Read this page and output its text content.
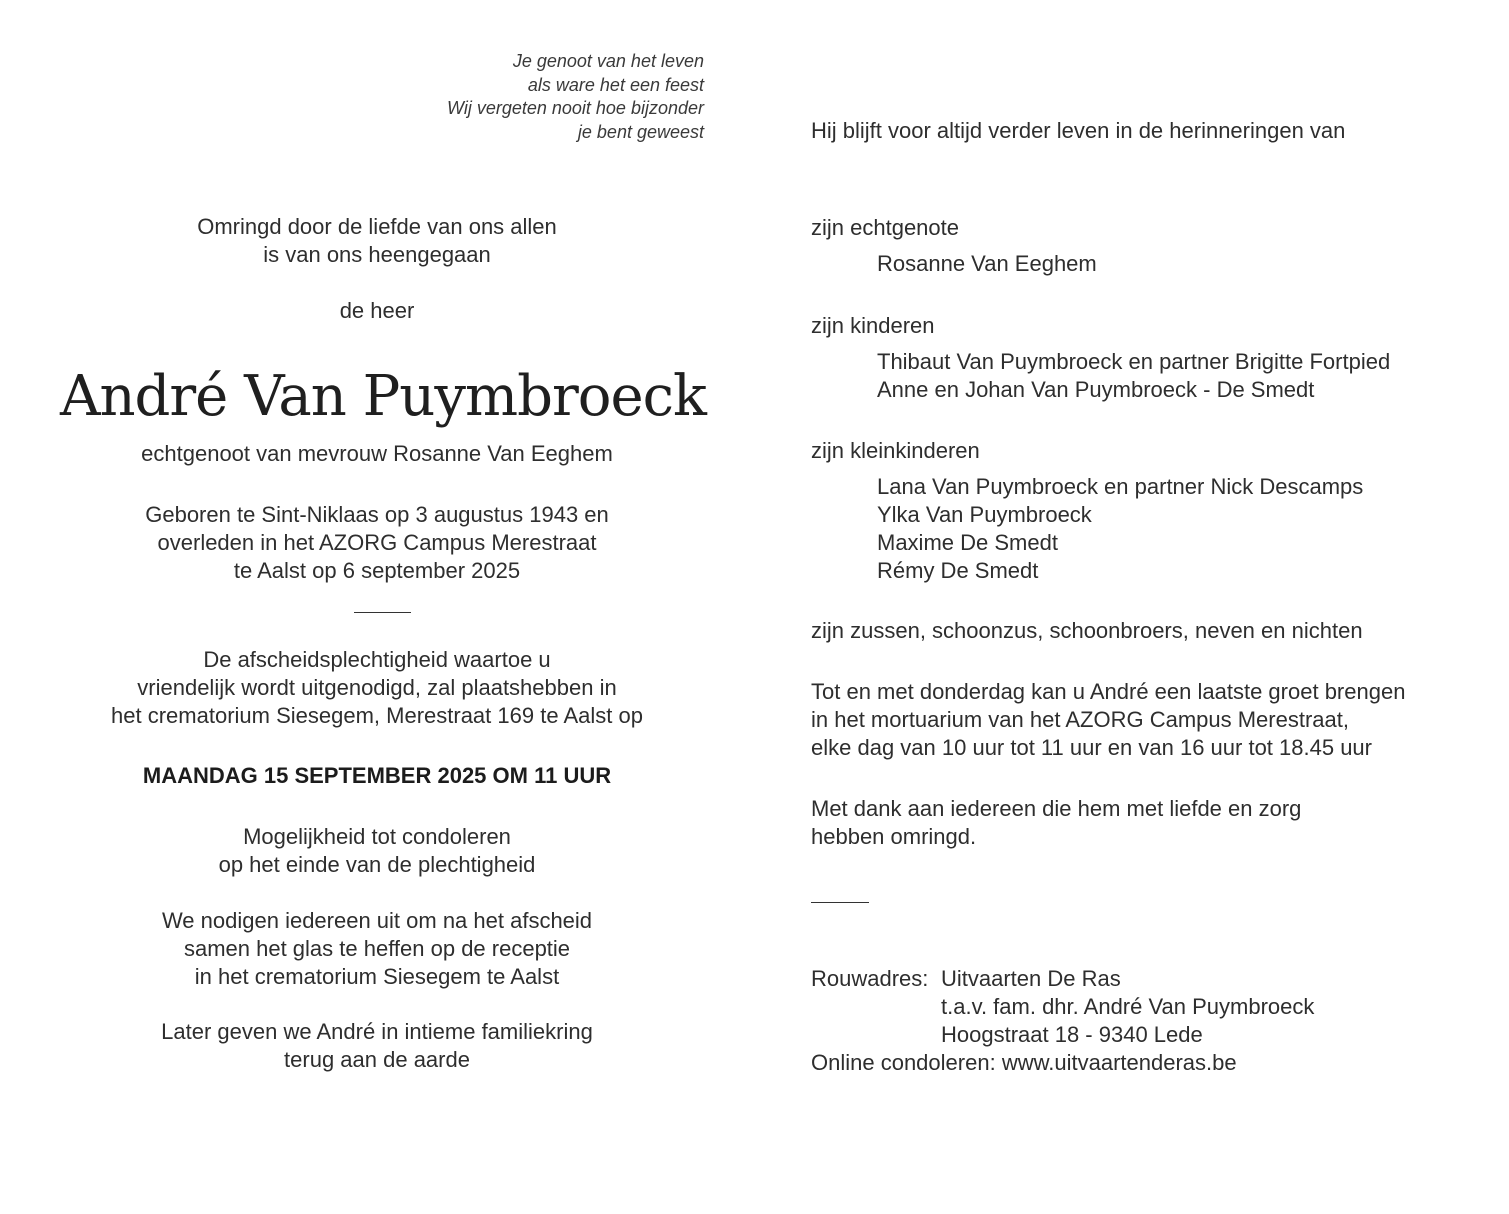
Je genoot van het leven
als ware het een feest
Wij vergeten nooit hoe bijzonder
je bent geweest
Omringd door de liefde van ons allen
is van ons heengegaan
de heer
André Van Puymbroeck
echtgenoot van mevrouw Rosanne Van Eeghem
Geboren te Sint-Niklaas op 3 augustus 1943 en
overleden in het AZORG Campus Merestraat
te Aalst op 6 september 2025
De afscheidsplechtigheid waartoe u
vriendelijk wordt uitgenodigd, zal plaatshebben in
het crematorium Siesegem, Merestraat 169 te Aalst op
MAANDAG 15 SEPTEMBER 2025 OM 11 UUR
Mogelijkheid tot condoleren
op het einde van de plechtigheid
We nodigen iedereen uit om na het afscheid
samen het glas te heffen op de receptie
in het crematorium Siesegem te Aalst
Later geven we André in intieme familiekring
terug aan de aarde
Hij blijft voor altijd verder leven in de herinneringen van
zijn echtgenote
Rosanne Van Eeghem
zijn kinderen
Thibaut Van Puymbroeck en partner Brigitte Fortpied
Anne en Johan Van Puymbroeck - De Smedt
zijn kleinkinderen
Lana Van Puymbroeck en partner Nick Descamps
Ylka Van Puymbroeck
Maxime De Smedt
Rémy De Smedt
zijn zussen, schoonzus, schoonbroers, neven en nichten
Tot en met donderdag kan u André een laatste groet brengen
in het mortuarium van het AZORG Campus Merestraat,
elke dag van 10 uur tot 11 uur en van 16 uur tot 18.45 uur
Met dank aan iedereen die hem met liefde en zorg
hebben omringd.
Rouwadres: Uitvaarten De Ras
t.a.v. fam. dhr. André Van Puymbroeck
Hoogstraat 18 - 9340 Lede
Online condoleren:
www.uitvaartenderas.be
